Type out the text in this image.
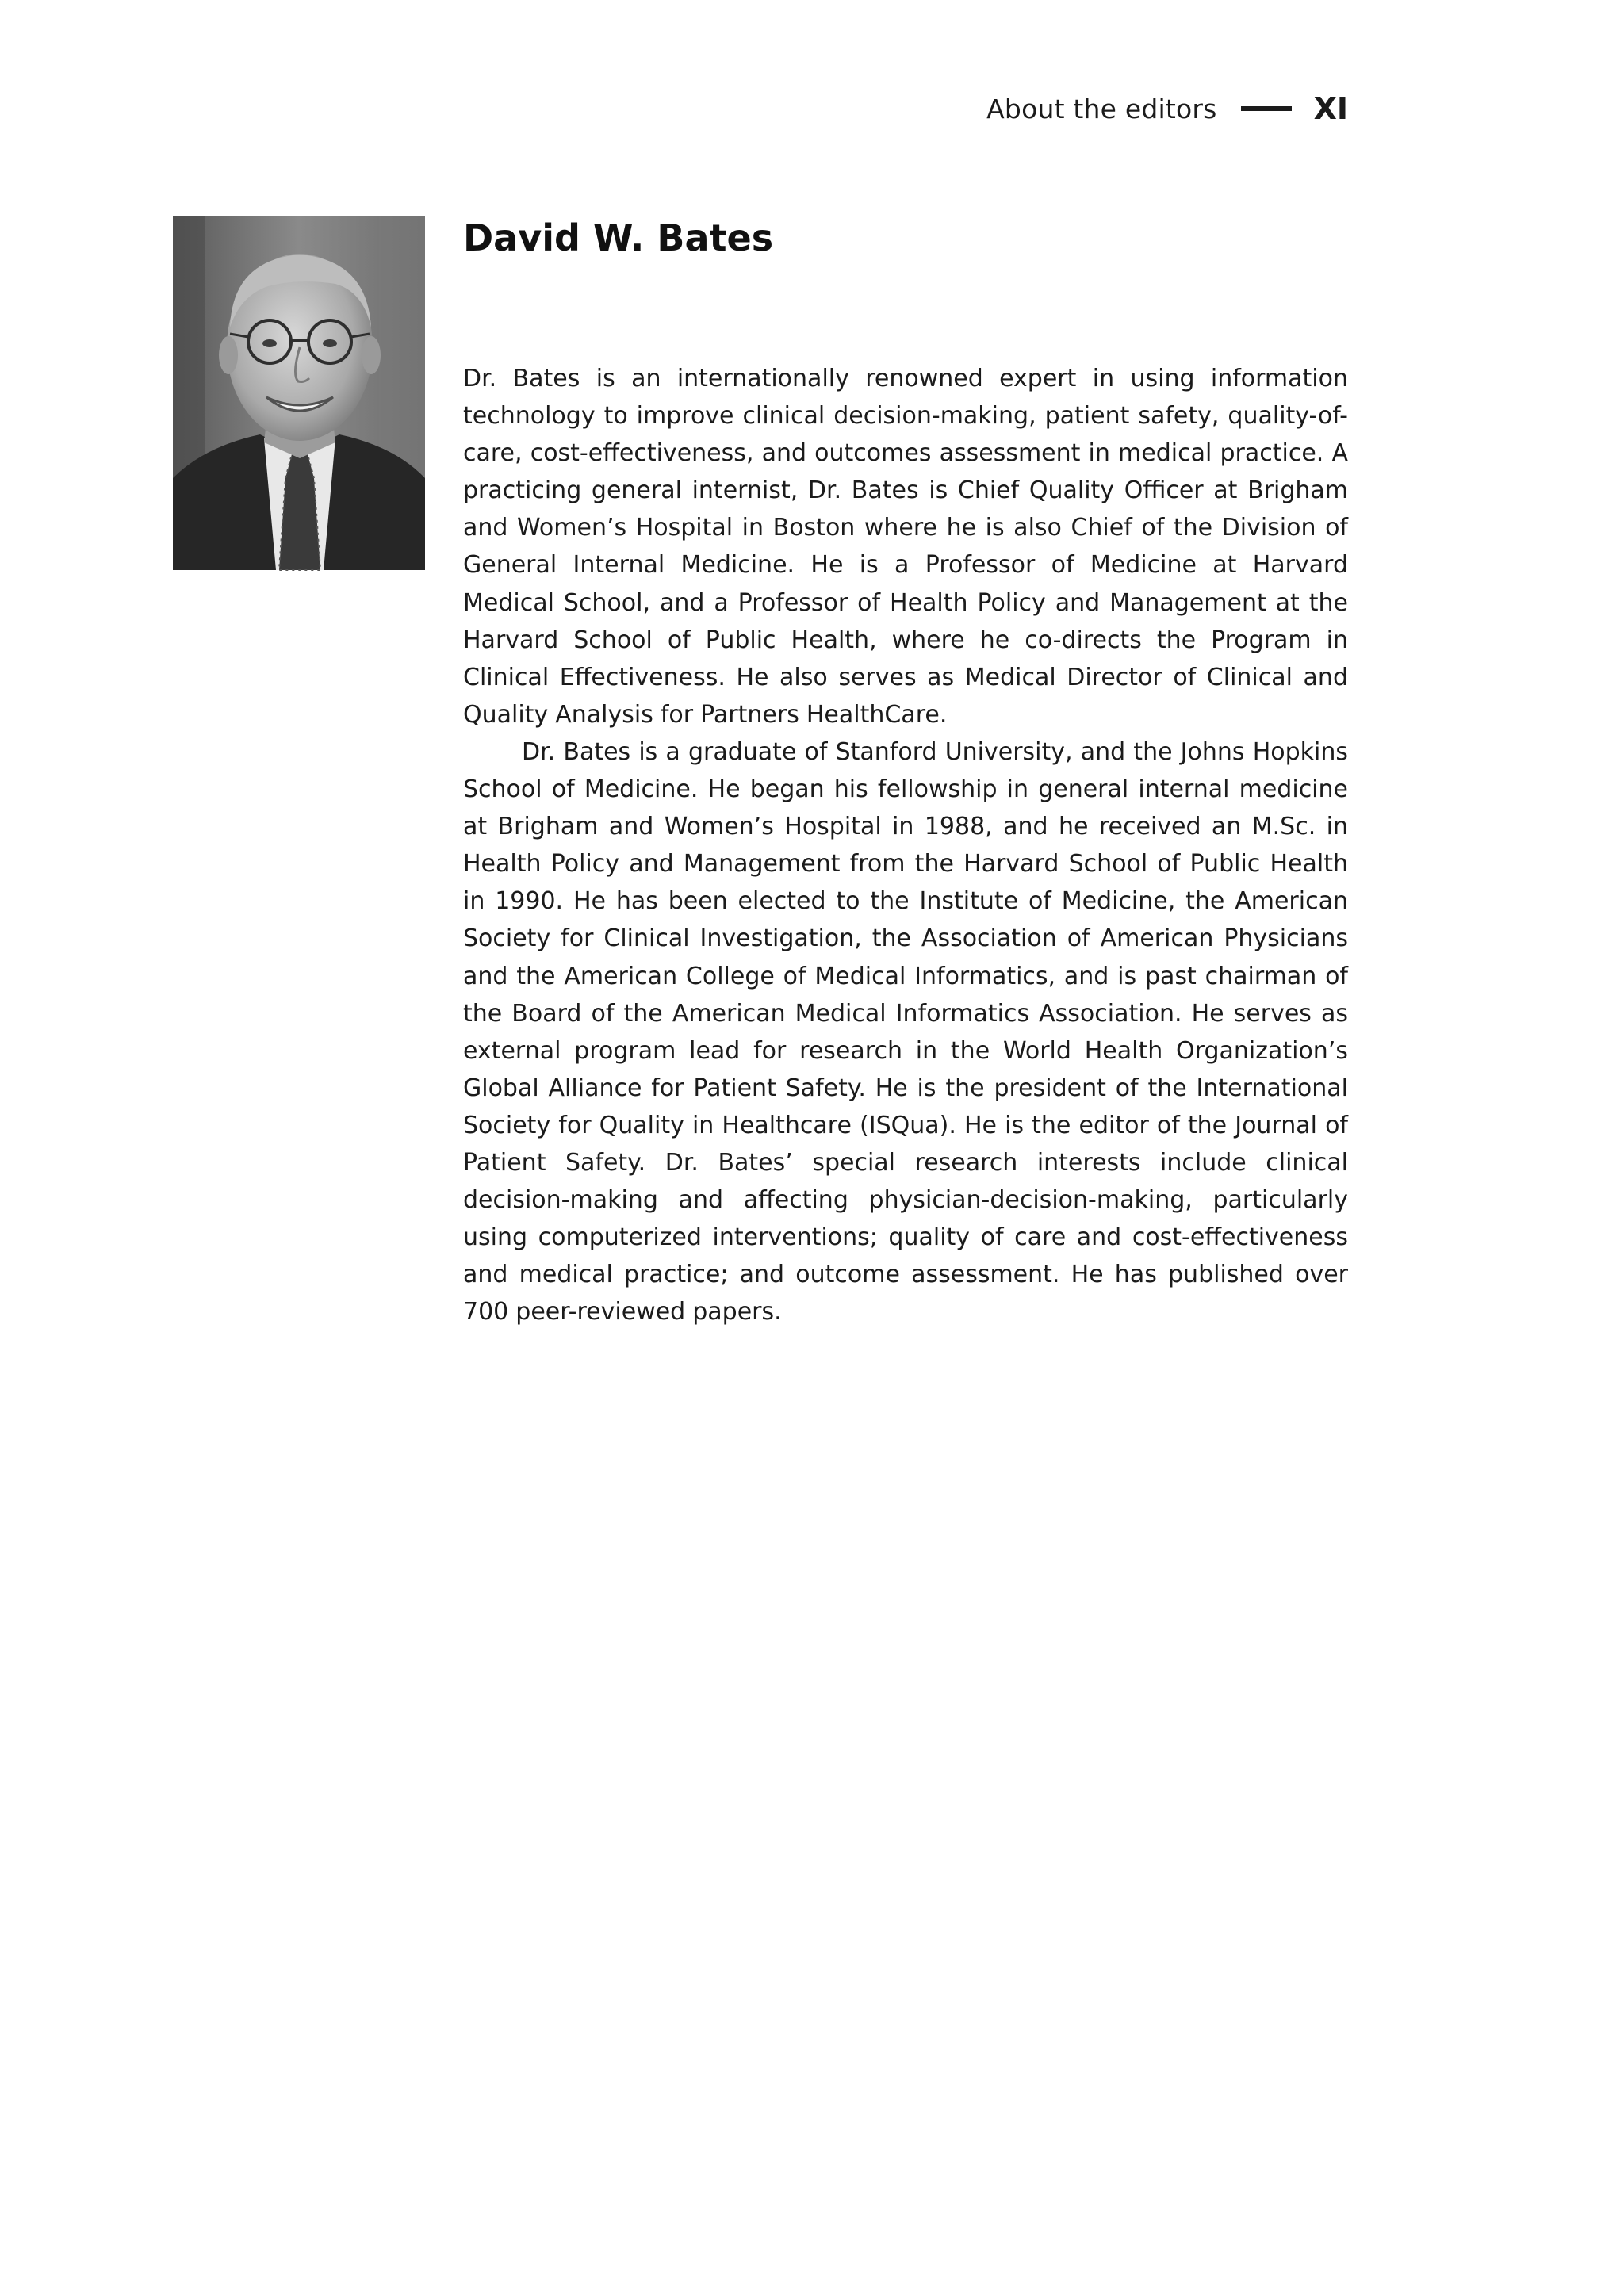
About the editors	XI
David W. Bates

Dr. Bates is an internationally renowned expert in using information technology to improve clinical decision-making, patient safety, quality-of-care, cost-effectiveness, and outcomes assessment in medical practice. A practicing general internist, Dr. Bates is Chief Quality Officer at Brigham and Women’s Hospital in Boston where he is also Chief of the Division of General Internal Medicine. He is a Professor of Medicine at Harvard Medical School, and a Professor of Health Policy and Management at the Harvard School of Public Health, where he co-directs the Program in Clinical Effectiveness. He also serves as Medical Director of Clinical and Quality Analysis for Partners HealthCare.

Dr. Bates is a graduate of Stanford University, and the Johns Hopkins School of Medicine. He began his fellowship in general internal medicine at Brigham and Women’s Hospital in 1988, and he received an M.Sc. in Health Policy and Management from the Harvard School of Public Health in 1990. He has been elected to the Institute of Medicine, the American Society for Clinical Investigation, the Association of American Physicians and the American College of Medical Informatics, and is past chairman of the Board of the American Medical Informatics Association. He serves as external program lead for research in the World Health Organization’s Global Alliance for Patient Safety. He is the president of the International Society for Quality in Healthcare (ISQua). He is the editor of the Journal of Patient Safety. Dr. Bates’ special research interests include clinical decision-making and affecting physician-decision-making, particularly using computerized interventions; quality of care and cost-effectiveness and medical practice; and outcome assessment. He has published over 700 peer-reviewed papers.
